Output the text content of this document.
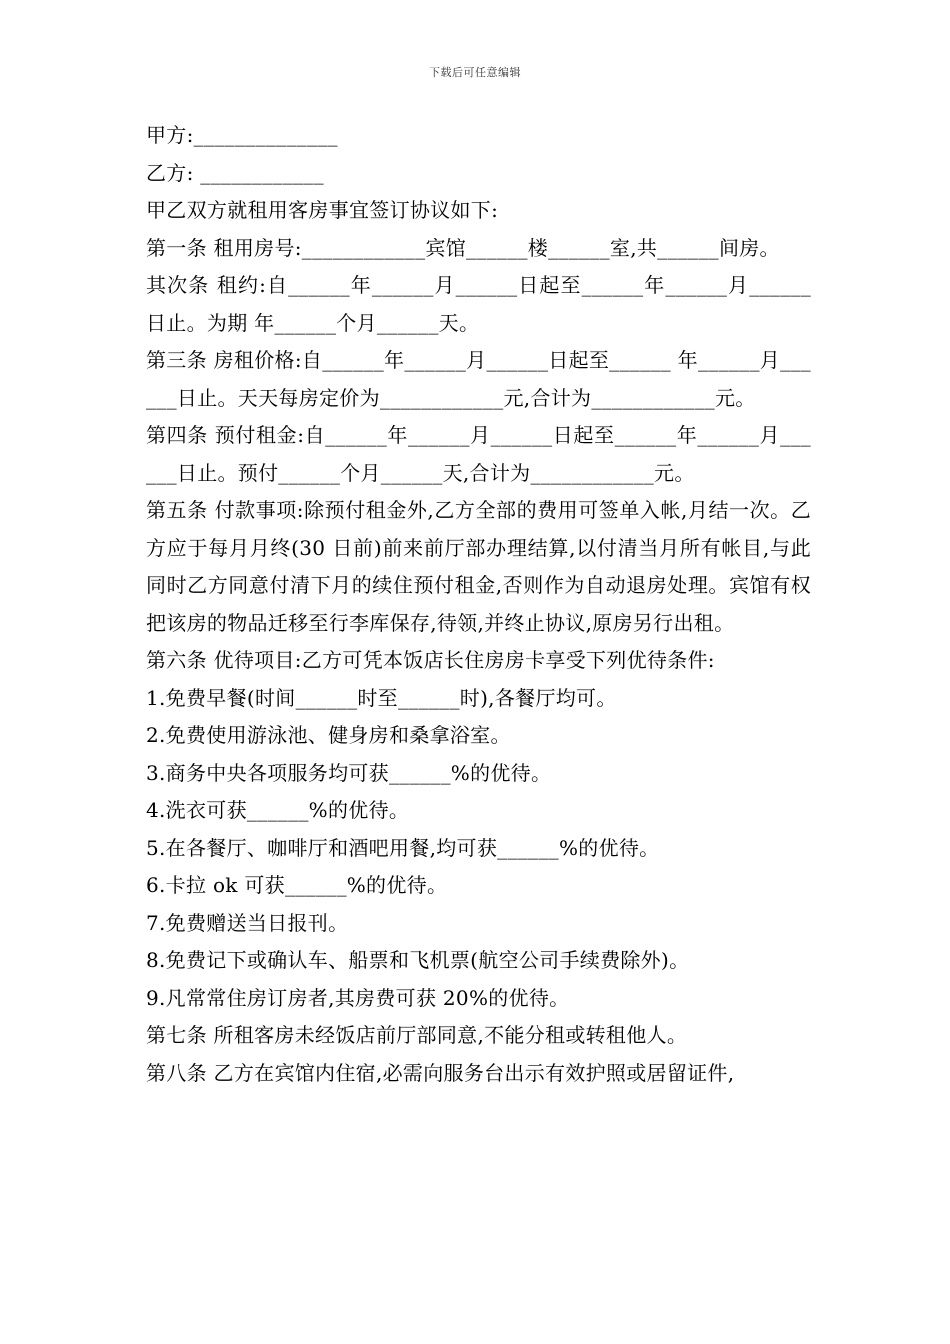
下载后可任意编辑

甲方:______________

乙方: ____________

甲乙双方就租用客房事宜签订协议如下:

第一条 租用房号:____________宾馆______楼______室,共______间房。

其次条 租约:自______年______月______日起至______年______月______日止。为期 年______个月______天。

第三条 房租价格:自______年______月______日起至______ 年______月______日止。天天每房定价为____________元,合计为____________元。

第四条 预付租金:自______年______月______日起至______年______月______日止。预付______个月______天,合计为____________元。

第五条 付款事项:除预付租金外,乙方全部的费用可签单入帐,月结一次。乙方应于每月月终(30 日前)前来前厅部办理结算,以付清当月所有帐目,与此同时乙方同意付清下月的续住预付租金,否则作为自动退房处理。宾馆有权把该房的物品迁移至行李库保存,待领,并终止协议,原房另行出租。

第六条 优待项目:乙方可凭本饭店长住房房卡享受下列优待条件:

1.免费早餐(时间______时至______时),各餐厅均可。

2.免费使用游泳池、健身房和桑拿浴室。

3.商务中央各项服务均可获______%的优待。

4.洗衣可获______%的优待。

5.在各餐厅、咖啡厅和酒吧用餐,均可获______%的优待。

6.卡拉 ok 可获______%的优待。

7.免费赠送当日报刊。

8.免费记下或确认车、船票和飞机票(航空公司手续费除外)。

9.凡常常住房订房者,其房费可获 20%的优待。

第七条 所租客房未经饭店前厅部同意,不能分租或转租他人。

第八条 乙方在宾馆内住宿,必需向服务台出示有效护照或居留证件,
